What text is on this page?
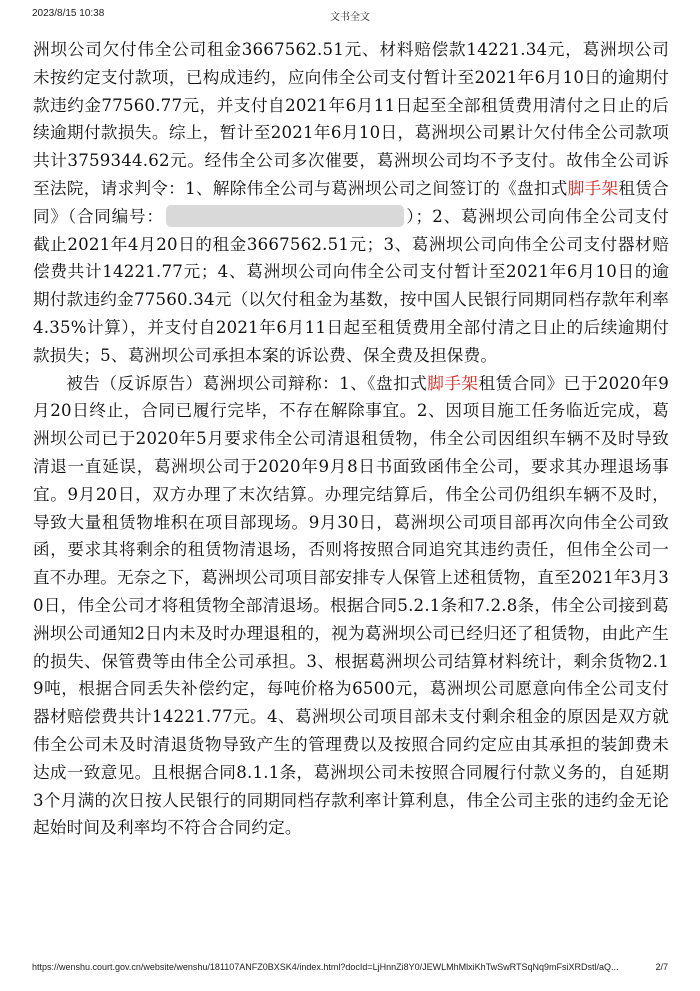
2023/8/15 10:38	文书全文

洲坝公司欠付伟全公司租金3667562.51元、材料赔偿款14221.34元，葛洲坝公司未按约定支付款项，已构成违约，应向伟全公司支付暂计至2021年6月10日的逾期付款违约金77560.77元，并支付自2021年6月11日起至全部租赁费用清付之日止的后续逾期付款损失。综上，暂计至2021年6月10日，葛洲坝公司累计欠付伟全公司款项共计3759344.62元。经伟全公司多次催要，葛洲坝公司均不予支付。故伟全公司诉至法院，请求判令：1、解除伟全公司与葛洲坝公司之间签订的《盘扣式脚手架租赁合同》（合同编号：	）；2、葛洲坝公司向伟全公司支付截止2021年4月20日的租金3667562.51元；3、葛洲坝公司向伟全公司支付器材赔偿费共计14221.77元；4、葛洲坝公司向伟全公司支付暂计至2021年6月10日的逾期付款违约金77560.34元（以欠付租金为基数，按中国人民银行同期同档存款年利率4.35%计算），并支付自2021年6月11日起至租赁费用全部付清之日止的后续逾期付款损失；5、葛洲坝公司承担本案的诉讼费、保全费及担保费。

被告（反诉原告）葛洲坝公司辩称：1、《盘扣式脚手架租赁合同》已于2020年9月20日终止，合同已履行完毕，不存在解除事宜。2、因项目施工任务临近完成，葛洲坝公司已于2020年5月要求伟全公司清退租赁物，伟全公司因组织车辆不及时导致清退一直延误，葛洲坝公司于2020年9月8日书面致函伟全公司，要求其办理退场事宜。9月20日，双方办理了末次结算。办理完结算后，伟全公司仍组织车辆不及时，导致大量租赁物堆积在项目部现场。9月30日，葛洲坝公司项目部再次向伟全公司致函，要求其将剩余的租赁物清退场，否则将按照合同追究其违约责任，但伟全公司一直不办理。无奈之下，葛洲坝公司项目部安排专人保管上述租赁物，直至2021年3月30日，伟全公司才将租赁物全部清退场。根据合同5.2.1条和7.2.8条，伟全公司接到葛洲坝公司通知2日内未及时办理退租的，视为葛洲坝公司已经归还了租赁物，由此产生的损失、保管费等由伟全公司承担。3、根据葛洲坝公司结算材料统计，剩余货物2.19吨，根据合同丢失补偿约定，每吨价格为6500元，葛洲坝公司愿意向伟全公司支付器材赔偿费共计14221.77元。4、葛洲坝公司项目部未支付剩余租金的原因是双方就伟全公司未及时清退货物导致产生的管理费以及按照合同约定应由其承担的装卸费未达成一致意见。且根据合同8.1.1条，葛洲坝公司未按照合同履行付款义务的，自延期3个月满的次日按人民银行的同期同档存款利率计算利息，伟全公司主张的违约金无论起始时间及利率均不符合合同约定。

https://wenshu.court.gov.cn/website/wenshu/181107ANFZ0BXSK4/index.html?docId=LjHnnZi8Y0/JEWLMhMlxiKhTwSwRTSqNq9mFsiXRDstl/aQ...	2/7
